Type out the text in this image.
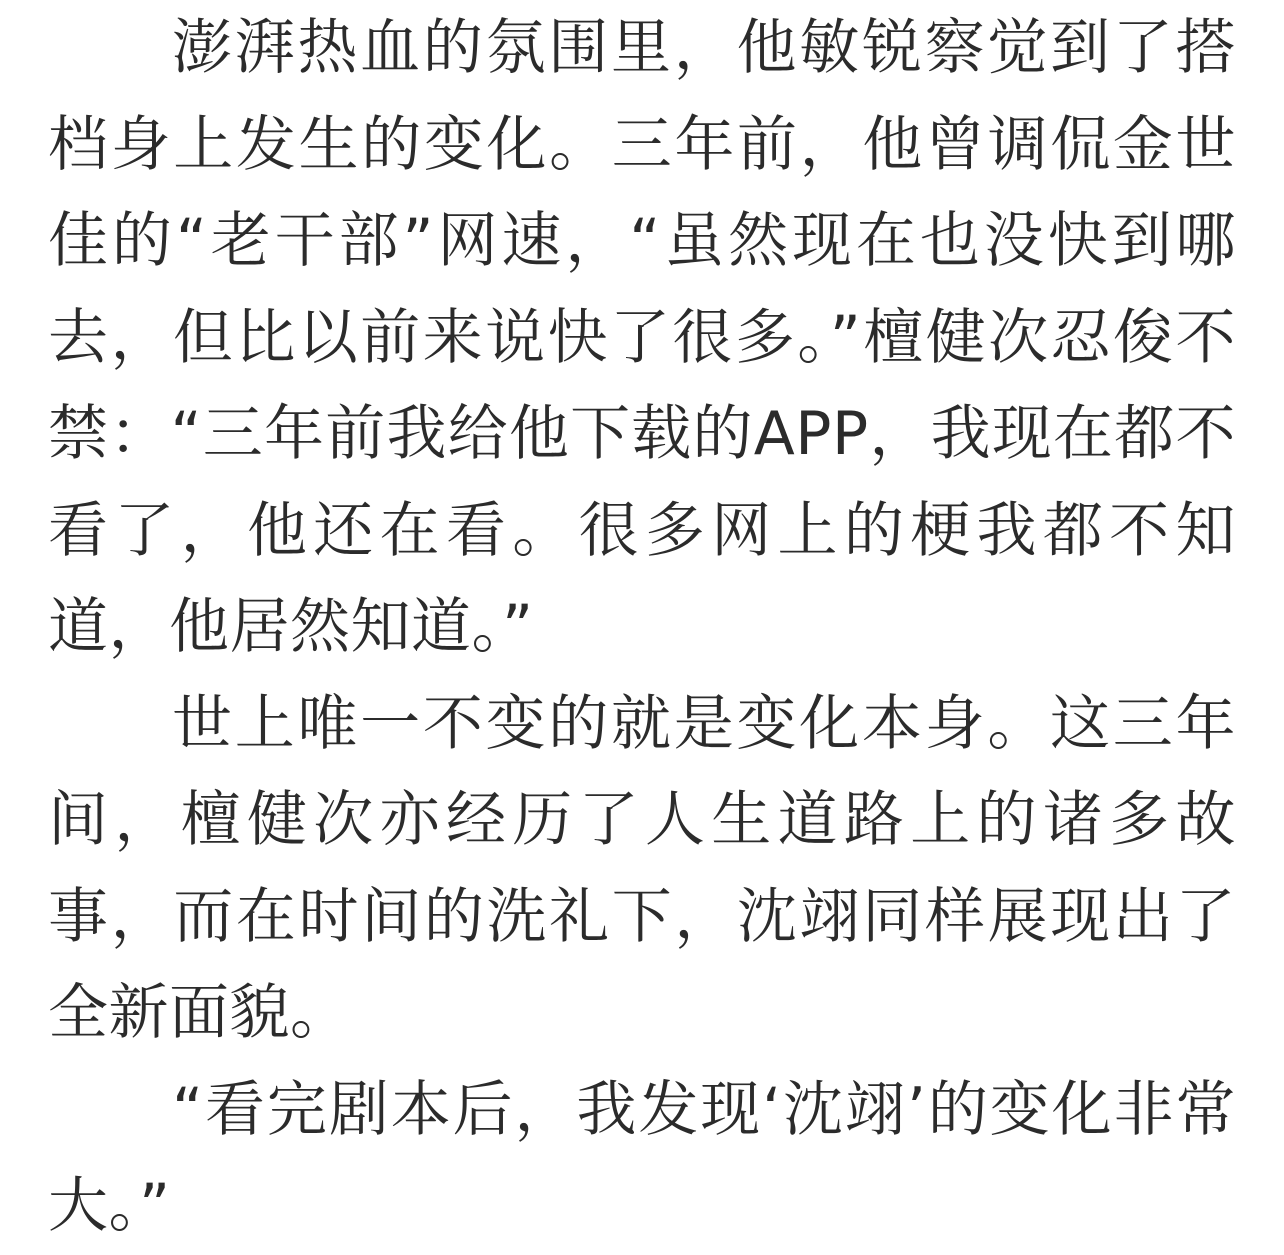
澎湃热血的氛围里，他敏锐察觉到了搭档身上发生的变化。三年前，他曾调侃金世佳的“老干部”网速，“虽然现在也没快到哪去，但比以前来说快了很多。”檀健次忍俊不禁：“三年前我给他下载的APP，我现在都不看了，他还在看。很多网上的梗我都不知道，他居然知道。”

世上唯一不变的就是变化本身。这三年间，檀健次亦经历了人生道路上的诸多故事，而在时间的洗礼下，沈翊同样展现出了全新面貌。

“看完剧本后，我发现‘沈翊’的变化非常大。”
